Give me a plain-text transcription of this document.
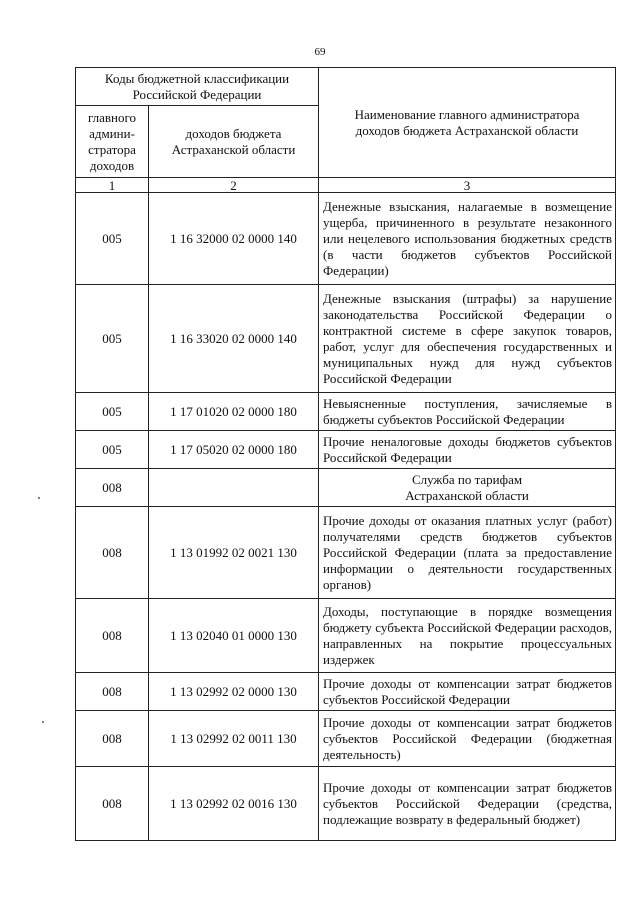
69
Коды бюджетной классификации Российской Федерации		Наименование главного администратора доходов бюджета Астраханской области
главного админи-стратора доходов	доходов бюджета Астраханской области	
1	2	3
005	1 16 32000 02 0000 140	Денежные взыскания, налагаемые в возмещение ущерба, причиненного в результате незаконного или нецелевого использования бюджетных средств (в части бюджетов субъектов Российской Федерации)
005	1 16 33020 02 0000 140	Денежные взыскания (штрафы) за нарушение законодательства Российской Федерации о контрактной системе в сфере закупок товаров, работ, услуг для обеспечения государственных и муниципальных нужд для нужд субъектов Российской Федерации
005	1 17 01020 02 0000 180	Невыясненные поступления, зачисляемые в бюджеты субъектов Российской Федерации
005	1 17 05020 02 0000 180	Прочие неналоговые доходы бюджетов субъектов Российской Федерации
008		Служба по тарифам Астраханской области
008	1 13 01992 02 0021 130	Прочие доходы от оказания платных услуг (работ) получателями средств бюджетов субъектов Российской Федерации (плата за предоставление информации о деятельности государственных органов)
008	1 13 02040 01 0000 130	Доходы, поступающие в порядке возмещения бюджету субъекта Российской Федерации расходов, направленных на покрытие процессуальных издержек
008	1 13 02992 02 0000 130	Прочие доходы от компенсации затрат бюджетов субъектов Российской Федерации
008	1 13 02992 02 0011 130	Прочие доходы от компенсации затрат бюджетов субъектов Российской Федерации (бюджетная деятельность)
008	1 13 02992 02 0016 130	Прочие доходы от компенсации затрат бюджетов субъектов Российской Федерации (средства, подлежащие возврату в федеральный бюджет)
